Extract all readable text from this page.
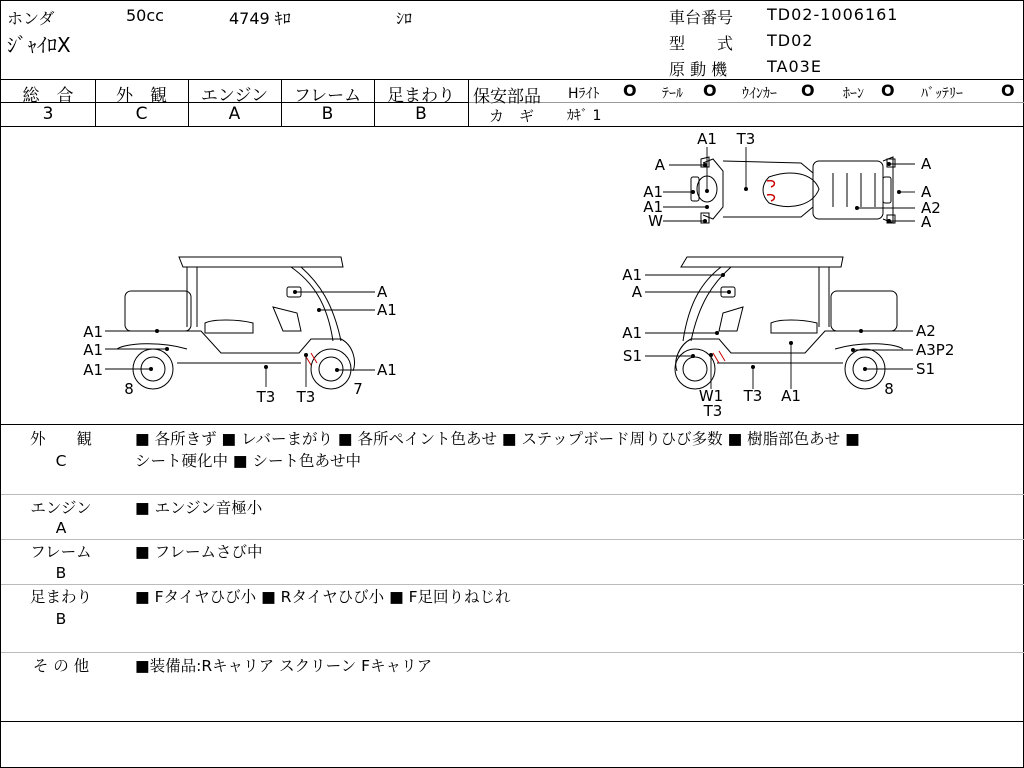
ホンダ	50cc	4749 ｷﾛ	ｼﾛ
ｼﾞｬｲﾛX
車台番号 TD02-1006161
型　　式 TD02
原 動 機 TA03E
総　合
3
外　観
C
エンジン
A
フレーム
B
足まわり
B
保安部品 Hﾗｲﾄ O ﾃｰﾙ O ｳｲﾝｶｰ O ﾎｰﾝ O ﾊﾞｯﾃﾘｰ O
カ　ギ ｶｷﾞ 1
A1 T3
A
A1
A1
W
A
A
A2
A
A
A1
A1
A1
A1	A1
8	T3 T3	7
A1
A
A1
S1
W1
T3
T3 A1
A2
A3P2
S1
8
外　　観
C
■ 各所きず ■ レバーまがり ■ 各所ペイント色あせ ■ ステップボード周りひび多数 ■ 樹脂部色あせ ■
シート硬化中 ■ シート色あせ中
エンジン
A
■ エンジン音極小
フレーム
B
■ フレームさび中
足まわり
B
■ Fタイヤひび小 ■ Rタイヤひび小 ■ F足回りねじれ
そ の 他	■装備品:Rキャリア スクリーン Fキャリア
